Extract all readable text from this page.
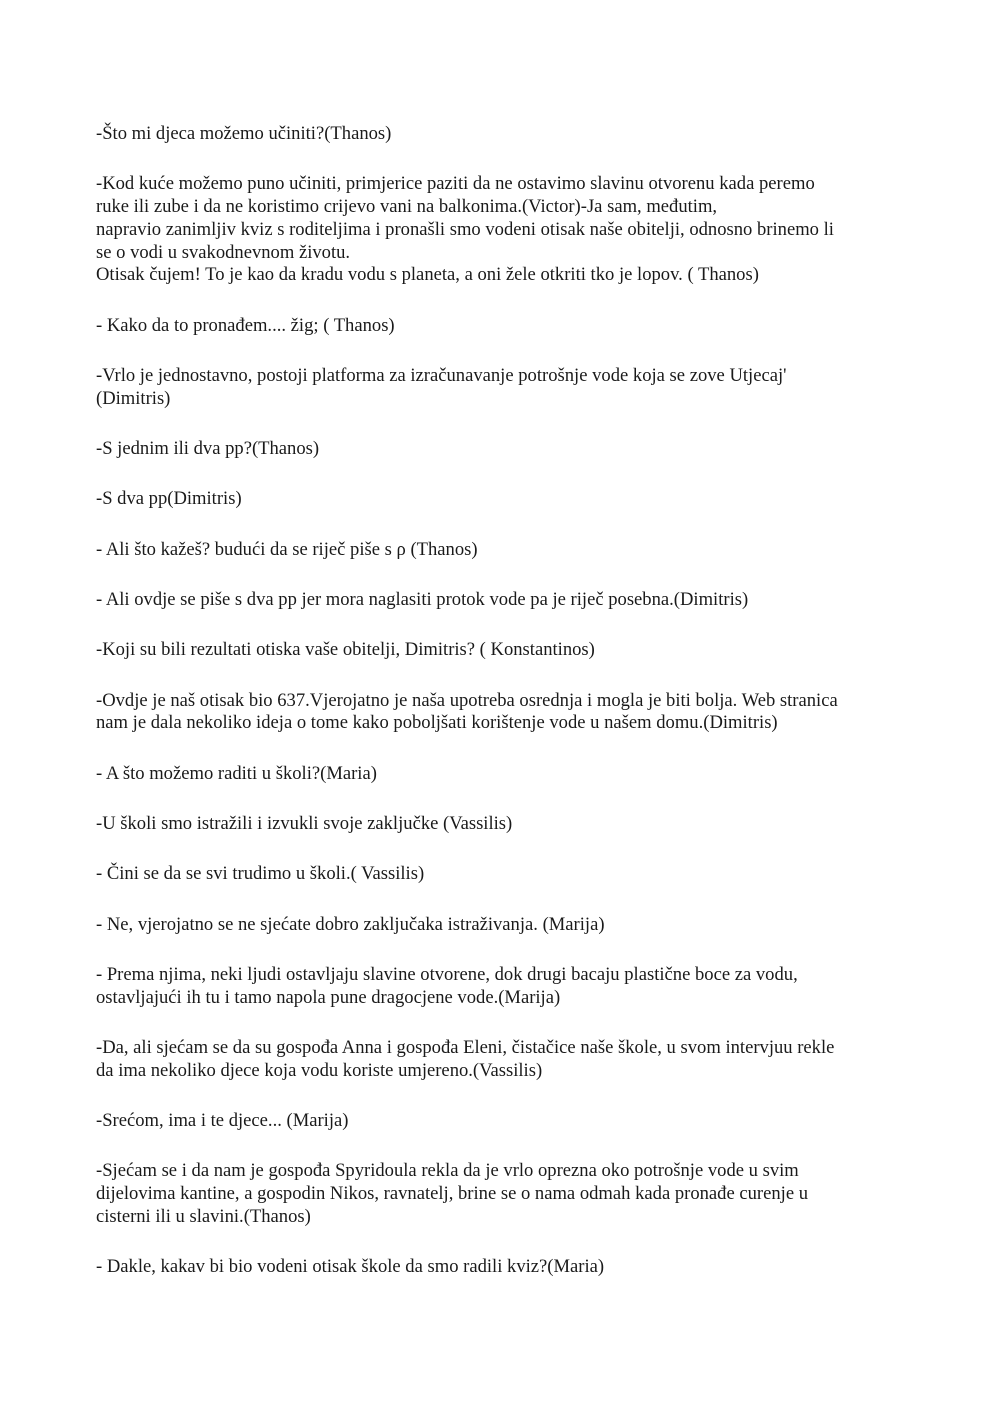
-Što mi djeca možemo učiniti?(Thanos)

-Kod kuće možemo puno učiniti, primjerice paziti da ne ostavimo slavinu otvorenu kada peremo
ruke ili zube i da ne koristimo crijevo vani na balkonima.(Victor)-Ja sam, međutim,
napravio zanimljiv kviz s roditeljima i pronašli smo vodeni otisak naše obitelji, odnosno brinemo li
se o vodi u svakodnevnom životu.
Otisak čujem! To je kao da kradu vodu s planeta, a oni žele otkriti tko je lopov. ( Thanos)

- Kako da to pronađem.... žig; ( Thanos)

-Vrlo je jednostavno, postoji platforma za izračunavanje potrošnje vode koja se zove Utjecaj'
(Dimitris)

-S jednim ili dva pp?(Thanos)

-S dva pp(Dimitris)

- Ali što kažeš? budući da se riječ piše s ρ (Thanos)

- Ali ovdje se piše s dva pp jer mora naglasiti protok vode pa je riječ posebna.(Dimitris)

-Koji su bili rezultati otiska vaše obitelji, Dimitris? ( Konstantinos)

-Ovdje je naš otisak bio 637.Vjerojatno je naša upotreba osrednja i mogla je biti bolja. Web stranica
nam je dala nekoliko ideja o tome kako poboljšati korištenje vode u našem domu.(Dimitris)

- A što možemo raditi u školi?(Maria)

-U školi smo istražili i izvukli svoje zaključke (Vassilis)

- Čini se da se svi trudimo u školi.( Vassilis)

- Ne, vjerojatno se ne sjećate dobro zaključaka istraživanja. (Marija)

- Prema njima, neki ljudi ostavljaju slavine otvorene, dok drugi bacaju plastične boce za vodu,
ostavljajući ih tu i tamo napola pune dragocjene vode.(Marija)

-Da, ali sjećam se da su gospođa Anna i gospođa Eleni, čistačice naše škole, u svom intervjuu rekle
da ima nekoliko djece koja vodu koriste umjereno.(Vassilis)

-Srećom, ima i te djece... (Marija)

-Sjećam se i da nam je gospođa Spyridoula rekla da je vrlo oprezna oko potrošnje vode u svim
dijelovima kantine, a gospodin Nikos, ravnatelj, brine se o nama odmah kada pronađe curenje u
cisterni ili u slavini.(Thanos)

- Dakle, kakav bi bio vodeni otisak škole da smo radili kviz?(Maria)
